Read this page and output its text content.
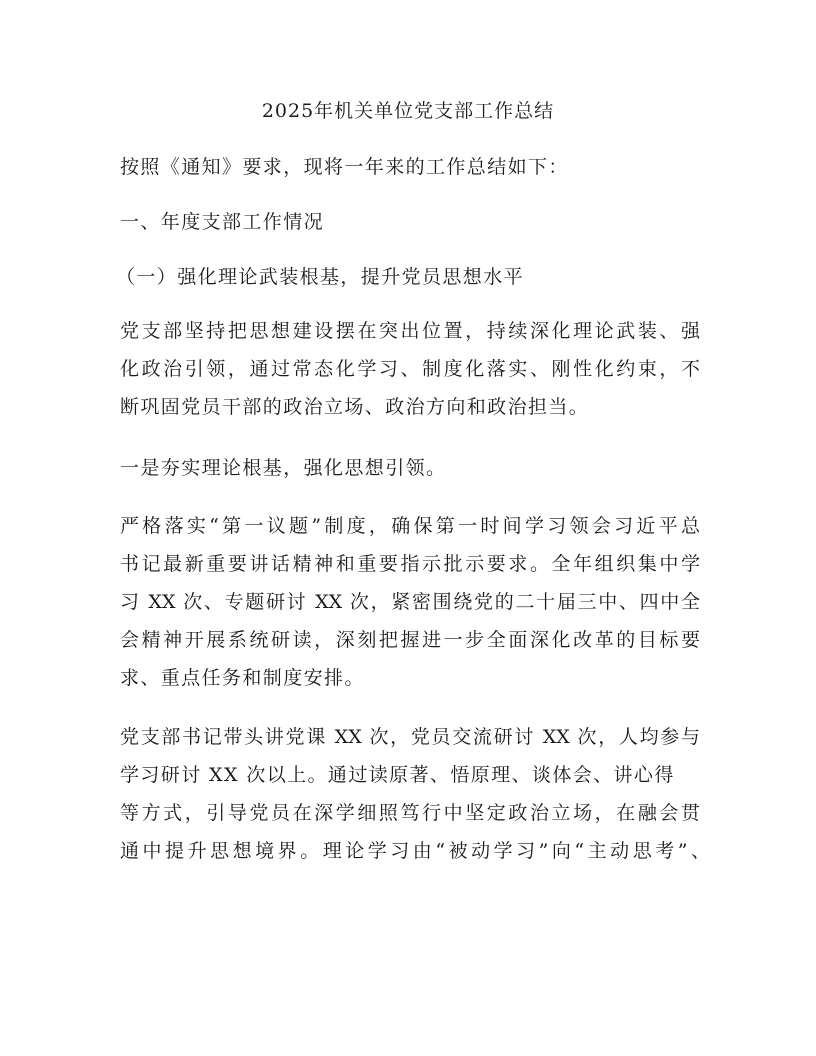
2025年机关单位党支部工作总结
按照《通知》要求，现将一年来的工作总结如下：
一、年度支部工作情况
（一）强化理论武装根基，提升党员思想水平
党支部坚持把思想建设摆在突出位置，持续深化理论武装、强
化政治引领，通过常态化学习、制度化落实、刚性化约束，不
断巩固党员干部的政治立场、政治方向和政治担当。
一是夯实理论根基，强化思想引领。
严格落实“第一议题”制度，确保第一时间学习领会习近平总
书记最新重要讲话精神和重要指示批示要求。全年组织集中学
习 XX 次、专题研讨 XX 次，紧密围绕党的二十届三中、四中全
会精神开展系统研读，深刻把握进一步全面深化改革的目标要
求、重点任务和制度安排。
党支部书记带头讲党课 XX 次，党员交流研讨 XX 次，人均参与
学习研讨 XX 次以上。通过读原著、悟原理、谈体会、讲心得
等方式，引导党员在深学细照笃行中坚定政治立场，在融会贯
通中提升思想境界。理论学习由“被动学习”向“主动思考”、
